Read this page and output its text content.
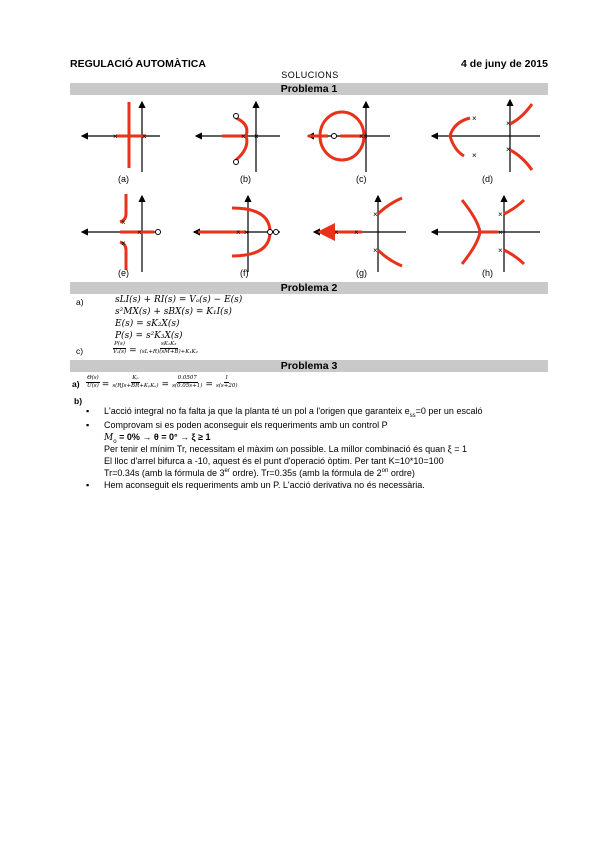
REGULACIÓ AUTOMÀTICA	4 de juny de 2015
SOLUCIONS
Problema 1
×	×	× ×	× ×
×
×
×
×
×
×
×	× ×	× ×
×
×
×
×
×
(a)	(b)	(c)	(d)
(e)	(f)	(g)	(h)
Problema 2
a)	sLI(s) + RI(s) = Vₐ(s) − E(s)
s²MX(s) + sBX(s) = K₁I(s)
E(s) = sK₂X(s)
P(s) = s²K₃X(s)
c)	$\frac{P(s)}{\text{Vₐ(s)}} = \frac{\text{sK₁K₃}}{\text{(sL+R)(sM+B)+K₁K₂}}$
Problema 3
$a) \frac{\Theta(s)}{U(s)} = \frac{\text{Kₚ}}{\text{s(RJs+BR+KₚKₑ)}} = \frac{0.0507}{s(0.05s+1)} = \frac{1}{s(s+20)}$
b)
▪ L'acció integral no fa falta ja que la planta té un pol a l'origen que garanteix $e_{ss}=0$ per un escaló
▪ Comprovam si es poden aconseguir els requeriments amb un control P
$M_o = 0\% \to \theta = 0^\circ \to \xi \ge 1$
Per tenir el mínim Tr, necessitam el màxim ωn possible. La millor combinació és quan ξ = 1
El lloc d'arrel bifurca a -10, aquest és el punt d'operació òptim. Per tant K=10*10=100
Tr=0.34s (amb la fórmula de 3er ordre). Tr=0.35s (amb la fórmula de $2^{on}$ ordre)
▪ Hem aconseguit els requeriments amb un P. L'acció derivativa no és necessària.
